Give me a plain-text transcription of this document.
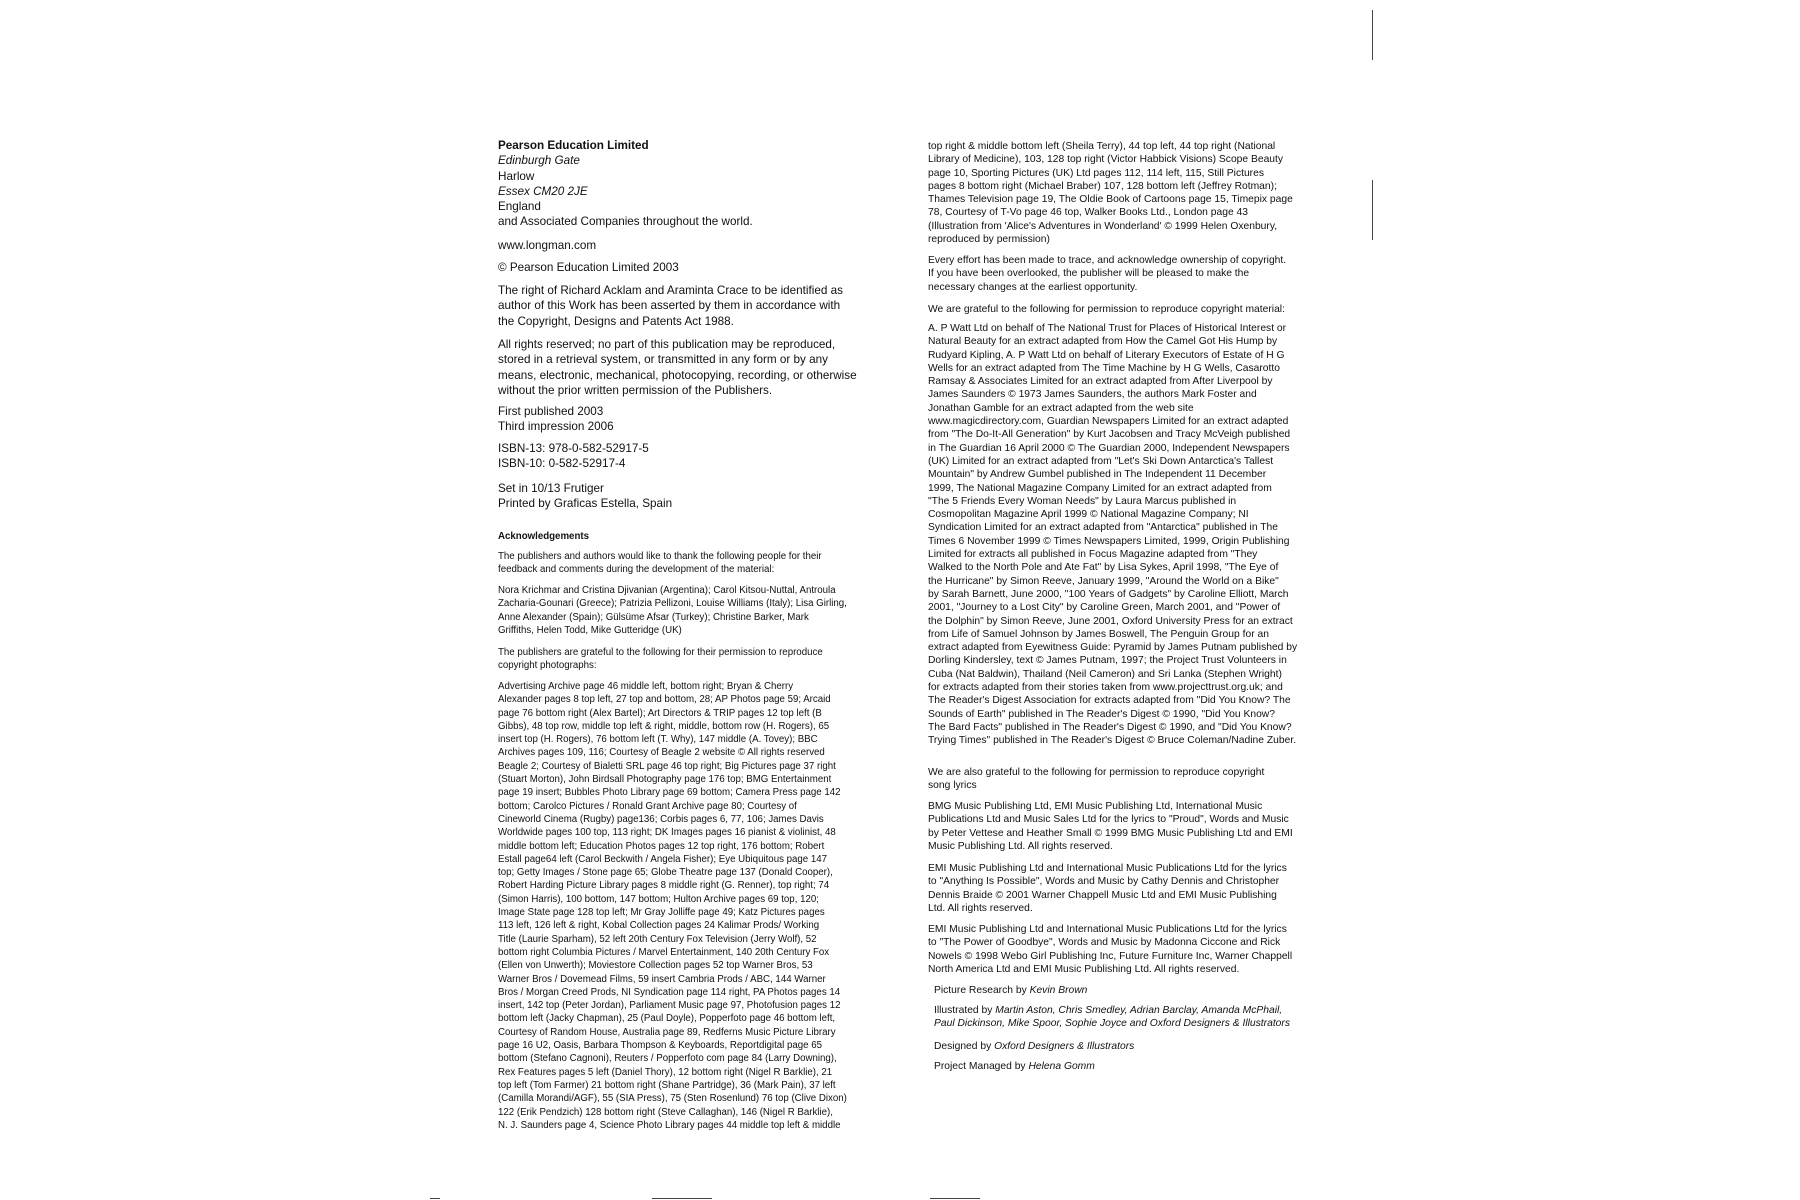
Pearson Education Limited
Edinburgh Gate
Harlow
Essex CM20 2JE
England
and Associated Companies throughout the world.
www.longman.com
© Pearson Education Limited 2003
The right of Richard Acklam and Araminta Crace to be identified as
author of this Work has been asserted by them in accordance with
the Copyright, Designs and Patents Act 1988.
All rights reserved; no part of this publication may be reproduced,
stored in a retrieval system, or transmitted in any form or by any
means, electronic, mechanical, photocopying, recording, or otherwise
without the prior written permission of the Publishers.
First published 2003
Third impression 2006
ISBN-13: 978-0-582-52917-5
ISBN-10: 0-582-52917-4
Set in 10/13 Frutiger
Printed by Graficas Estella, Spain
Acknowledgements
The publishers and authors would like to thank the following people for their
feedback and comments during the development of the material:
Nora Krichmar and Cristina Djivanian (Argentina); Carol Kitsou-Nuttal, Antroula
Zacharia-Gounari (Greece); Patrizia Pellizoni, Louise Williams (Italy); Lisa Girling,
Anne Alexander (Spain); Gülsüme Afsar (Turkey); Christine Barker, Mark
Griffiths, Helen Todd, Mike Gutteridge (UK)
The publishers are grateful to the following for their permission to reproduce
copyright photographs:
Advertising Archive page 46 middle left, bottom right; Bryan & Cherry
Alexander pages 8 top left, 27 top and bottom, 28; AP Photos page 59; Arcaid
page 76 bottom right (Alex Bartel); Art Directors & TRIP pages 12 top left (B
Gibbs), 48 top row, middle top left & right, middle, bottom row (H. Rogers), 65
insert top (H. Rogers), 76 bottom left (T. Why), 147 middle (A. Tovey); BBC
Archives pages 109, 116; Courtesy of Beagle 2 website © All rights reserved
Beagle 2; Courtesy of Bialetti SRL page 46 top right; Big Pictures page 37 right
(Stuart Morton), John Birdsall Photography page 176 top; BMG Entertainment
page 19 insert; Bubbles Photo Library page 69 bottom; Camera Press page 142
bottom; Carolco Pictures / Ronald Grant Archive page 80; Courtesy of
Cineworld Cinema (Rugby) page136; Corbis pages 6, 77, 106; James Davis
Worldwide pages 100 top, 113 right; DK Images pages 16 pianist & violinist, 48
middle bottom left; Education Photos pages 12 top right, 176 bottom; Robert
Estall page64 left (Carol Beckwith / Angela Fisher); Eye Ubiquitous page 147
top; Getty Images / Stone page 65; Globe Theatre page 137 (Donald Cooper),
Robert Harding Picture Library pages 8 middle right (G. Renner), top right; 74
(Simon Harris), 100 bottom, 147 bottom; Hulton Archive pages 69 top, 120;
Image State page 128 top left; Mr Gray Jolliffe page 49; Katz Pictures pages
113 left, 126 left & right, Kobal Collection pages 24 Kalimar Prods/ Working
Title (Laurie Sparham), 52 left 20th Century Fox Television (Jerry Wolf), 52
bottom right Columbia Pictures / Marvel Entertainment, 140 20th Century Fox
(Ellen von Unwerth); Moviestore Collection pages 52 top Warner Bros, 53
Warner Bros / Dovemead Films, 59 insert Cambria Prods / ABC, 144 Warner
Bros / Morgan Creed Prods, NI Syndication page 114 right, PA Photos pages 14
insert, 142 top (Peter Jordan), Parliament Music page 97, Photofusion pages 12
bottom left (Jacky Chapman), 25 (Paul Doyle), Popperfoto page 46 bottom left,
Courtesy of Random House, Australia page 89, Redferns Music Picture Library
page 16 U2, Oasis, Barbara Thompson & Keyboards, Reportdigital page 65
bottom (Stefano Cagnoni), Reuters / Popperfoto com page 84 (Larry Downing),
Rex Features pages 5 left (Daniel Thory), 12 bottom right (Nigel R Barklie), 21
top left (Tom Farmer) 21 bottom right (Shane Partridge), 36 (Mark Pain), 37 left
(Camilla Morandi/AGF), 55 (SIA Press), 75 (Sten Rosenlund) 76 top (Clive Dixon)
122 (Erik Pendzich) 128 bottom right (Steve Callaghan), 146 (Nigel R Barklie),
N. J. Saunders page 4, Science Photo Library pages 44 middle top left & middle
top right & middle bottom left (Sheila Terry), 44 top left, 44 top right (National
Library of Medicine), 103, 128 top right (Victor Habbick Visions) Scope Beauty
page 10, Sporting Pictures (UK) Ltd pages 112, 114 left, 115, Still Pictures
pages 8 bottom right (Michael Braber) 107, 128 bottom left (Jeffrey Rotman);
Thames Television page 19, The Oldie Book of Cartoons page 15, Timepix page
78, Courtesy of T-Vo page 46 top, Walker Books Ltd., London page 43
(Illustration from 'Alice's Adventures in Wonderland' © 1999 Helen Oxenbury,
reproduced by permission)
Every effort has been made to trace, and acknowledge ownership of copyright.
If you have been overlooked, the publisher will be pleased to make the
necessary changes at the earliest opportunity.
We are grateful to the following for permission to reproduce copyright material:
A. P Watt Ltd on behalf of The National Trust for Places of Historical Interest or
Natural Beauty for an extract adapted from How the Camel Got His Hump by
Rudyard Kipling, A. P Watt Ltd on behalf of Literary Executors of Estate of H G
Wells for an extract adapted from The Time Machine by H G Wells, Casarotto
Ramsay & Associates Limited for an extract adapted from After Liverpool by
James Saunders © 1973 James Saunders, the authors Mark Foster and
Jonathan Gamble for an extract adapted from the web site
www.magicdirectory.com, Guardian Newspapers Limited for an extract adapted
from "The Do-It-All Generation" by Kurt Jacobsen and Tracy McVeigh published
in The Guardian 16 April 2000 © The Guardian 2000, Independent Newspapers
(UK) Limited for an extract adapted from "Let's Ski Down Antarctica's Tallest
Mountain" by Andrew Gumbel published in The Independent 11 December
1999, The National Magazine Company Limited for an extract adapted from
"The 5 Friends Every Woman Needs" by Laura Marcus published in
Cosmopolitan Magazine April 1999 © National Magazine Company; NI
Syndication Limited for an extract adapted from "Antarctica" published in The
Times 6 November 1999 © Times Newspapers Limited, 1999, Origin Publishing
Limited for extracts all published in Focus Magazine adapted from "They
Walked to the North Pole and Ate Fat" by Lisa Sykes, April 1998, "The Eye of
the Hurricane" by Simon Reeve, January 1999, "Around the World on a Bike"
by Sarah Barnett, June 2000, "100 Years of Gadgets" by Caroline Elliott, March
2001, "Journey to a Lost City" by Caroline Green, March 2001, and "Power of
the Dolphin" by Simon Reeve, June 2001, Oxford University Press for an extract
from Life of Samuel Johnson by James Boswell, The Penguin Group for an
extract adapted from Eyewitness Guide: Pyramid by James Putnam published by
Dorling Kindersley, text © James Putnam, 1997; the Project Trust Volunteers in
Cuba (Nat Baldwin), Thailand (Neil Cameron) and Sri Lanka (Stephen Wright)
for extracts adapted from their stories taken from www.projecttrust.org.uk; and
The Reader's Digest Association for extracts adapted from "Did You Know? The
Sounds of Earth" published in The Reader's Digest © 1990, "Did You Know?
The Bard Facts" published in The Reader's Digest © 1990, and "Did You Know?
Trying Times" published in The Reader's Digest © Bruce Coleman/Nadine Zuber.
We are also grateful to the following for permission to reproduce copyright
song lyrics
BMG Music Publishing Ltd, EMI Music Publishing Ltd, International Music
Publications Ltd and Music Sales Ltd for the lyrics to "Proud", Words and Music
by Peter Vettese and Heather Small © 1999 BMG Music Publishing Ltd and EMI
Music Publishing Ltd. All rights reserved.
EMI Music Publishing Ltd and International Music Publications Ltd for the lyrics
to "Anything Is Possible", Words and Music by Cathy Dennis and Christopher
Dennis Braide © 2001 Warner Chappell Music Ltd and EMI Music Publishing
Ltd. All rights reserved.
EMI Music Publishing Ltd and International Music Publications Ltd for the lyrics
to "The Power of Goodbye", Words and Music by Madonna Ciccone and Rick
Nowels © 1998 Webo Girl Publishing Inc, Future Furniture Inc, Warner Chappell
North America Ltd and EMI Music Publishing Ltd. All rights reserved.

Picture Research by Kevin Brown

Illustrated by Martin Aston, Chris Smedley, Adrian Barclay, Amanda McPhail,
Paul Dickinson, Mike Spoor, Sophie Joyce and Oxford Designers & Illustrators

Designed by Oxford Designers & Illustrators

Project Managed by Helena Gomm
